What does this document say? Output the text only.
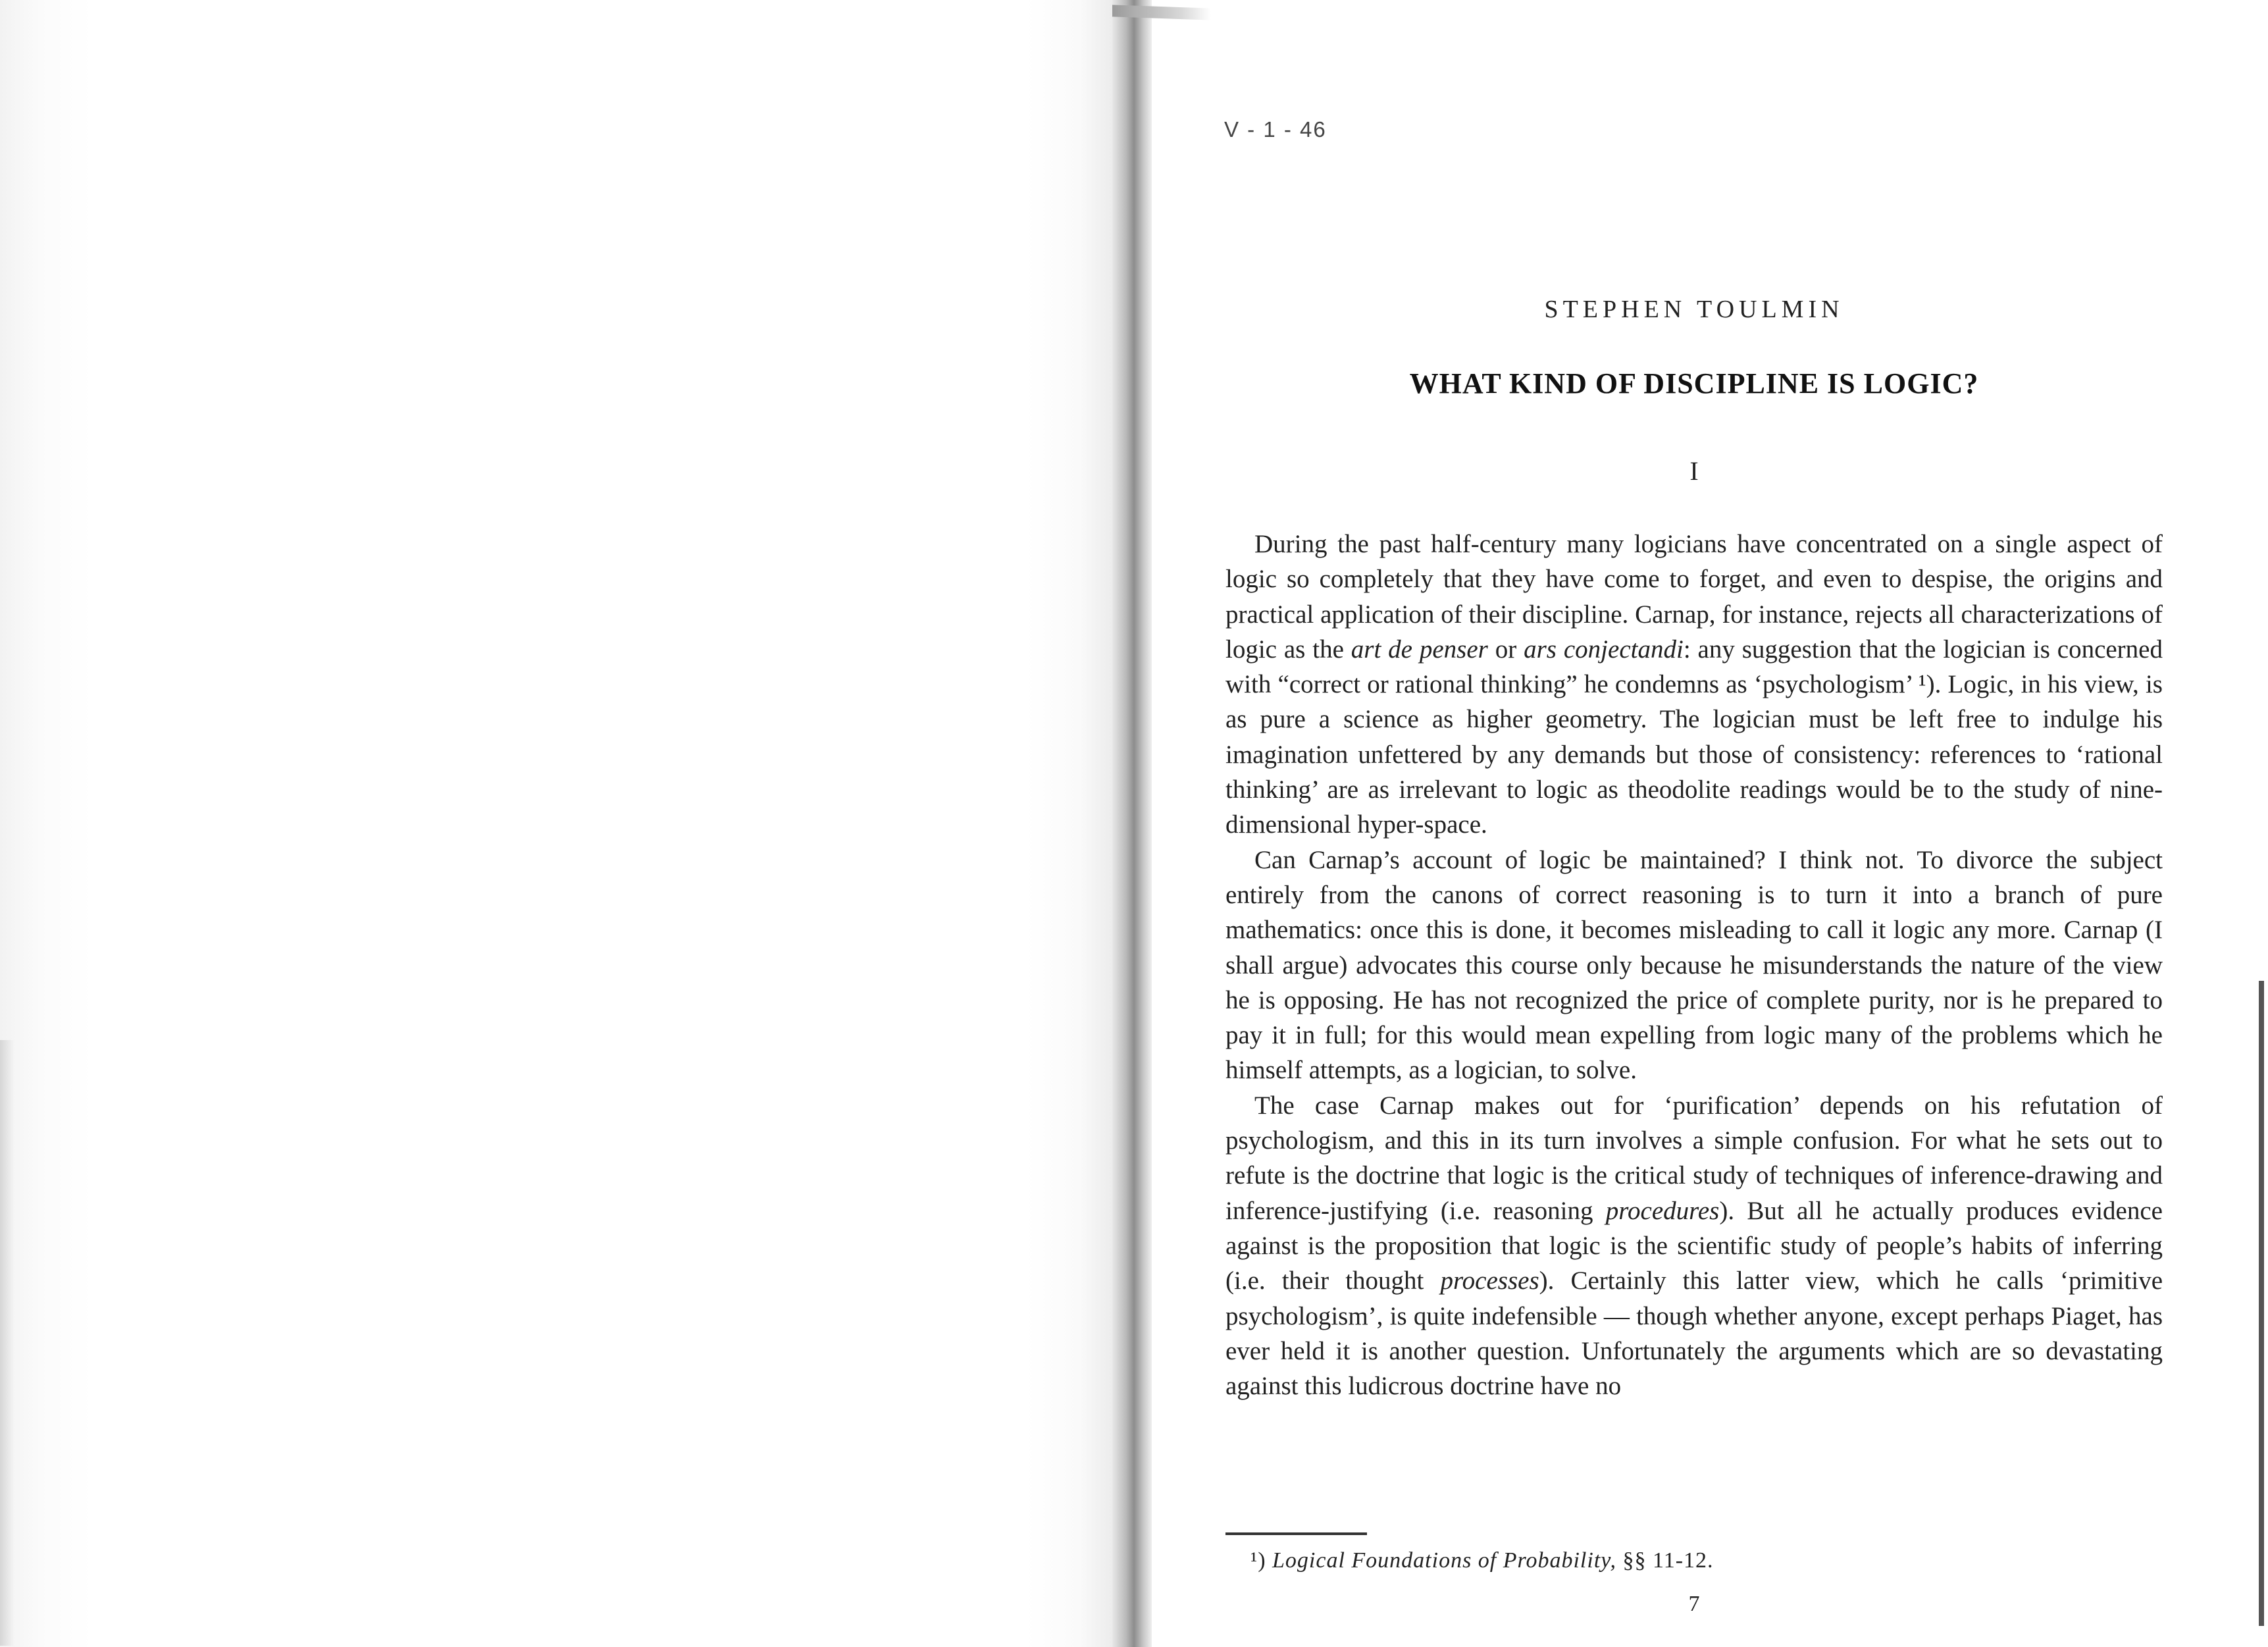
V - 1 - 46
STEPHEN TOULMIN
WHAT KIND OF DISCIPLINE IS LOGIC?
I

During the past half-century many logicians have concentrated on a single aspect of logic so completely that they have come to forget, and even to despise, the origins and practical application of their discipline. Carnap, for instance, rejects all characterizations of logic as the art de penser or ars conjectandi: any suggestion that the logician is concerned with “correct or rational thinking” he condemns as ‘psychologism’ ¹). Logic, in his view, is as pure a science as higher geometry. The logician must be left free to indulge his imagination unfettered by any demands but those of consistency: references to ‘rational thinking’ are as irrelevant to logic as theodolite readings would be to the study of nine-dimensional hyper-space.

Can Carnap’s account of logic be maintained? I think not. To divorce the subject entirely from the canons of correct reasoning is to turn it into a branch of pure mathematics: once this is done, it becomes misleading to call it logic any more. Carnap (I shall argue) advocates this course only because he misunderstands the nature of the view he is opposing. He has not recognized the price of complete purity, nor is he prepared to pay it in full; for this would mean expelling from logic many of the problems which he himself attempts, as a logician, to solve.

The case Carnap makes out for ‘purification’ depends on his refutation of psychologism, and this in its turn involves a simple confusion. For what he sets out to refute is the doctrine that logic is the critical study of techniques of inference-drawing and inference-justifying (i.e. reasoning procedures). But all he actually produces evidence against is the proposition that logic is the scientific study of people’s habits of inferring (i.e. their thought processes). Certainly this latter view, which he calls ‘primitive psychologism’, is quite indefensible — though whether anyone, except perhaps Piaget, has ever held it is another question. Unfortunately the arguments which are so devastating against this ludicrous doctrine have no

¹) Logical Foundations of Probability, §§ 11-12.
7
